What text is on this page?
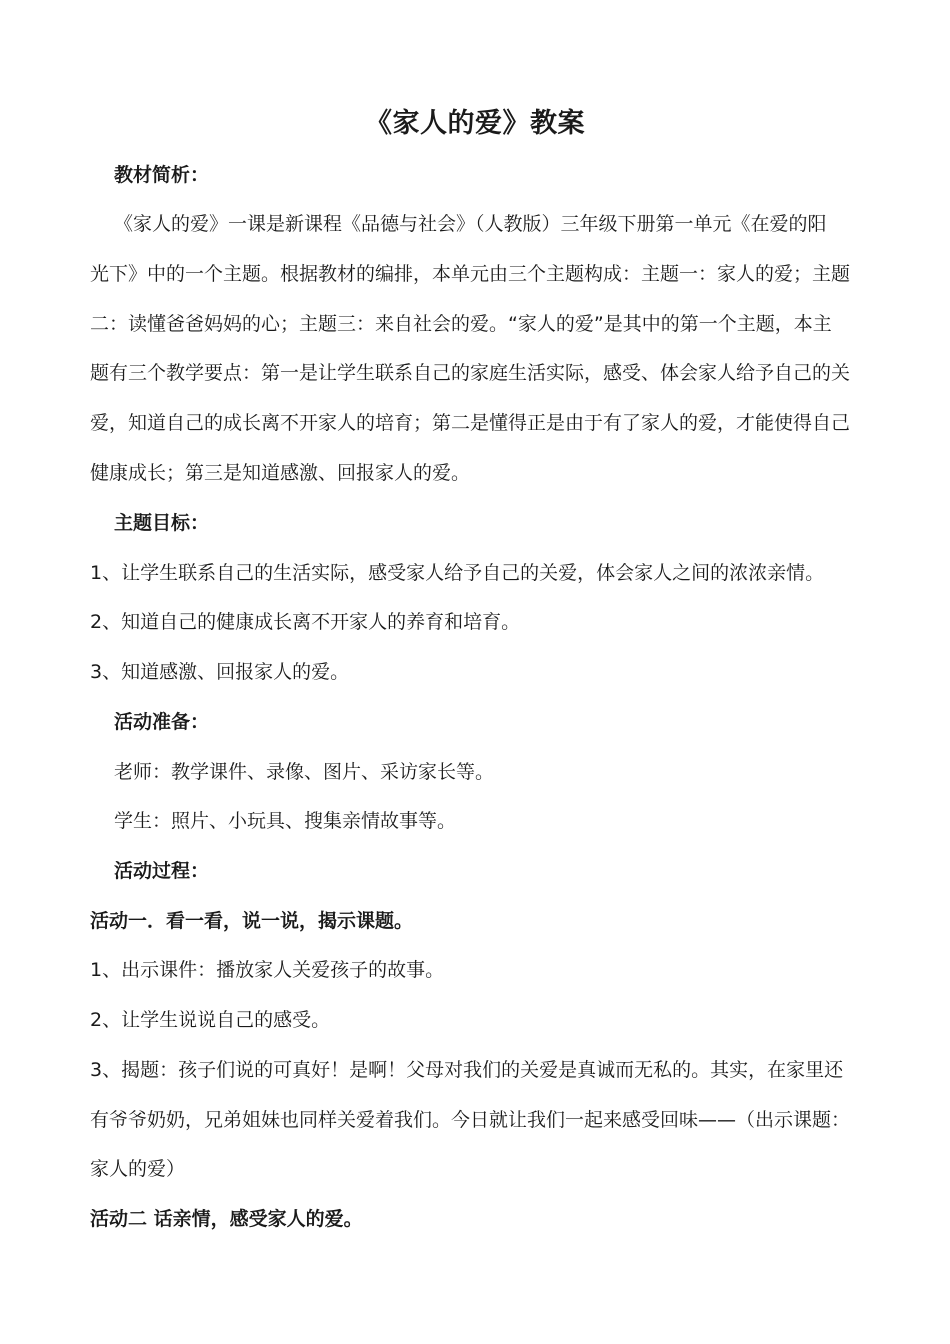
《家人的爱》教案
教材简析：
《家人的爱》一课是新课程《品德与社会》（人教版）三年级下册第一单元《在爱的阳
光下》中的一个主题。根据教材的编排，本单元由三个主题构成：主题一：家人的爱；主题
二：读懂爸爸妈妈的心；主题三：来自社会的爱。“家人的爱”是其中的第一个主题，本主
题有三个教学要点：第一是让学生联系自己的家庭生活实际，感受、体会家人给予自己的关
爱，知道自己的成长离不开家人的培育；第二是懂得正是由于有了家人的爱，才能使得自己
健康成长；第三是知道感激、回报家人的爱。
主题目标：
1、让学生联系自己的生活实际，感受家人给予自己的关爱，体会家人之间的浓浓亲情。
2、知道自己的健康成长离不开家人的养育和培育。
3、知道感激、回报家人的爱。
活动准备：
老师：教学课件、录像、图片、采访家长等。
学生：照片、小玩具、搜集亲情故事等。
活动过程：
活动一．看一看，说一说，揭示课题。
1、出示课件：播放家人关爱孩子的故事。
2、让学生说说自己的感受。
3、揭题：孩子们说的可真好！是啊！父母对我们的关爱是真诚而无私的。其实，在家里还
有爷爷奶奶，兄弟姐妹也同样关爱着我们。今日就让我们一起来感受回味——（出示课题：
家人的爱）
活动二 话亲情，感受家人的爱。
